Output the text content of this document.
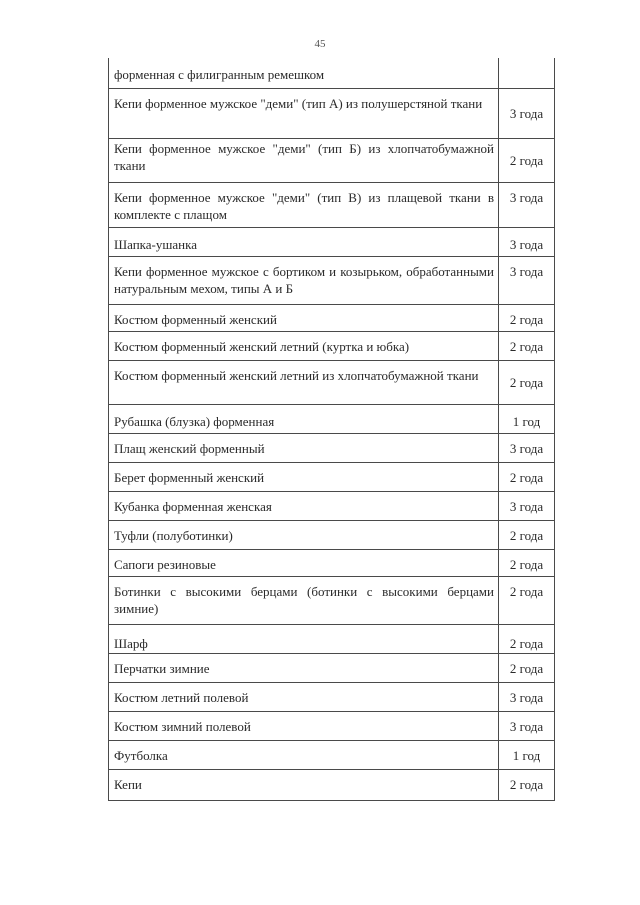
45
форменная с филигранным ремешком	
Кепи форменное мужское "деми" (тип А) из полушерстяной ткани	3 года
Кепи форменное мужское "деми" (тип Б) из хлопчатобумажной ткани	2 года
Кепи форменное мужское "деми" (тип В) из плащевой ткани в комплекте с плащом	3 года
Шапка-ушанка	3 года
Кепи форменное мужское с бортиком и козырьком, обработанными натуральным мехом, типы А и Б	3 года
Костюм форменный женский	2 года
Костюм форменный женский летний (куртка и юбка)	2 года
Костюм форменный женский летний из хлопчатобумажной ткани	2 года
Рубашка (блузка) форменная	1 год
Плащ женский форменный	3 года
Берет форменный женский	2 года
Кубанка форменная женская	3 года
Туфли (полуботинки)	2 года
Сапоги резиновые	2 года
Ботинки с высокими берцами (ботинки с высокими берцами зимние)	2 года
Шарф	2 года
Перчатки зимние	2 года
Костюм летний полевой	3 года
Костюм зимний полевой	3 года
Футболка	1 год
Кепи	2 года
